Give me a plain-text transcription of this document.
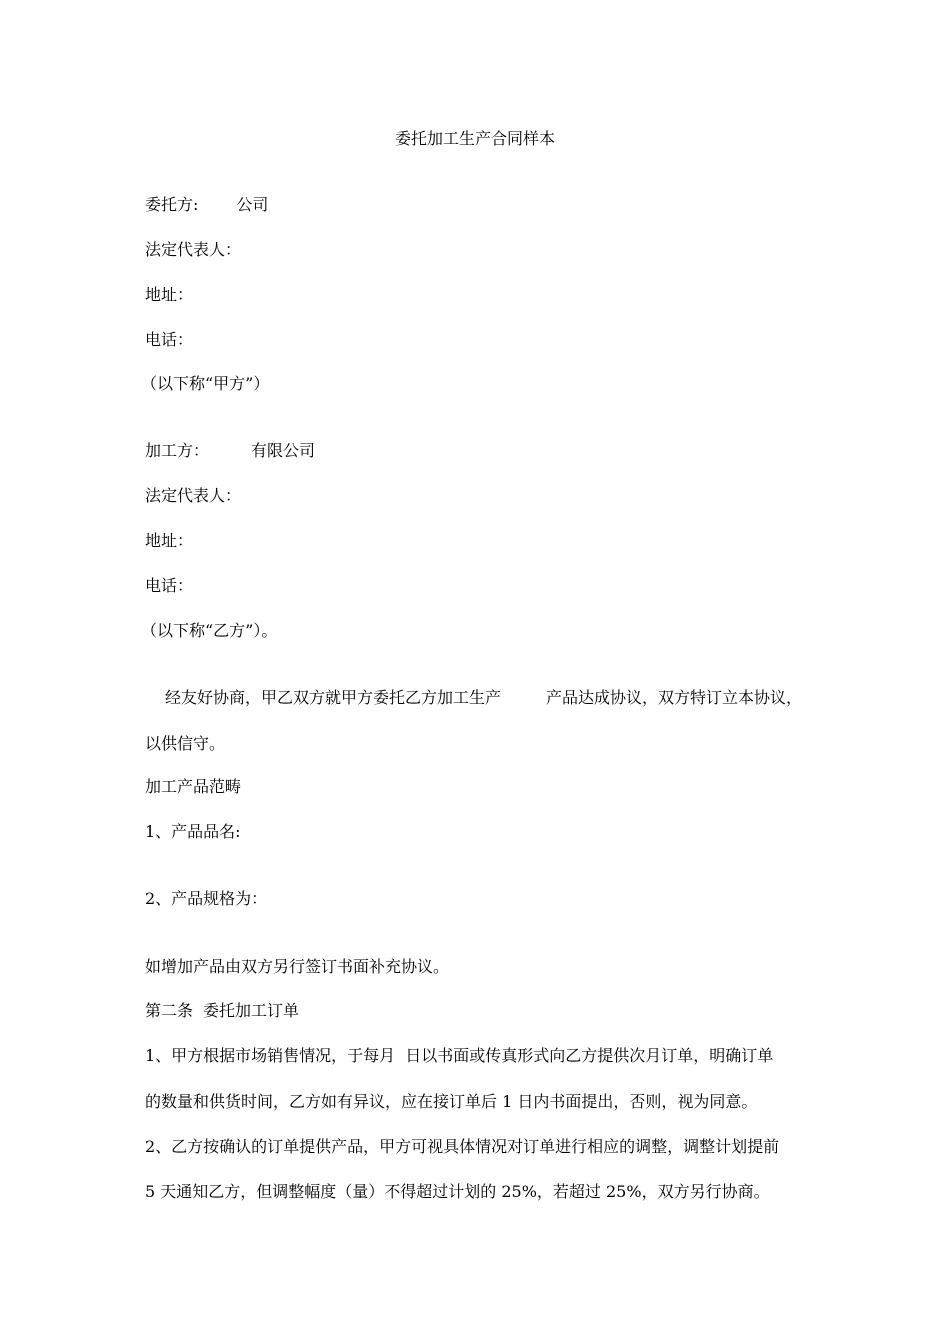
委托加工生产合同样本
委托方: 公司
法定代表人：
地址：
电话：
（以下称“甲方”）
加工方：	有限公司
法定代表人：
地址：
电话：
（以下称“乙方”）。
经友好协商，甲乙双方就甲方委托乙方加工生产	产品达成协议，双方特订立本协议，
以供信守。
加工产品范畴
1、产品品名:
2、产品规格为：
如增加产品由双方另行签订书面补充协议。
第二条 委托加工订单
1、甲方根据市场销售情况，于每月 日以书面或传真形式向乙方提供次月订单，明确订单
的数量和供货时间，乙方如有异议，应在接订单后 1 日内书面提出，否则，视为同意。
2、乙方按确认的订单提供产品，甲方可视具体情况对订单进行相应的调整，调整计划提前
5 天通知乙方，但调整幅度（量）不得超过计划的 25%，若超过 25%，双方另行协商。
